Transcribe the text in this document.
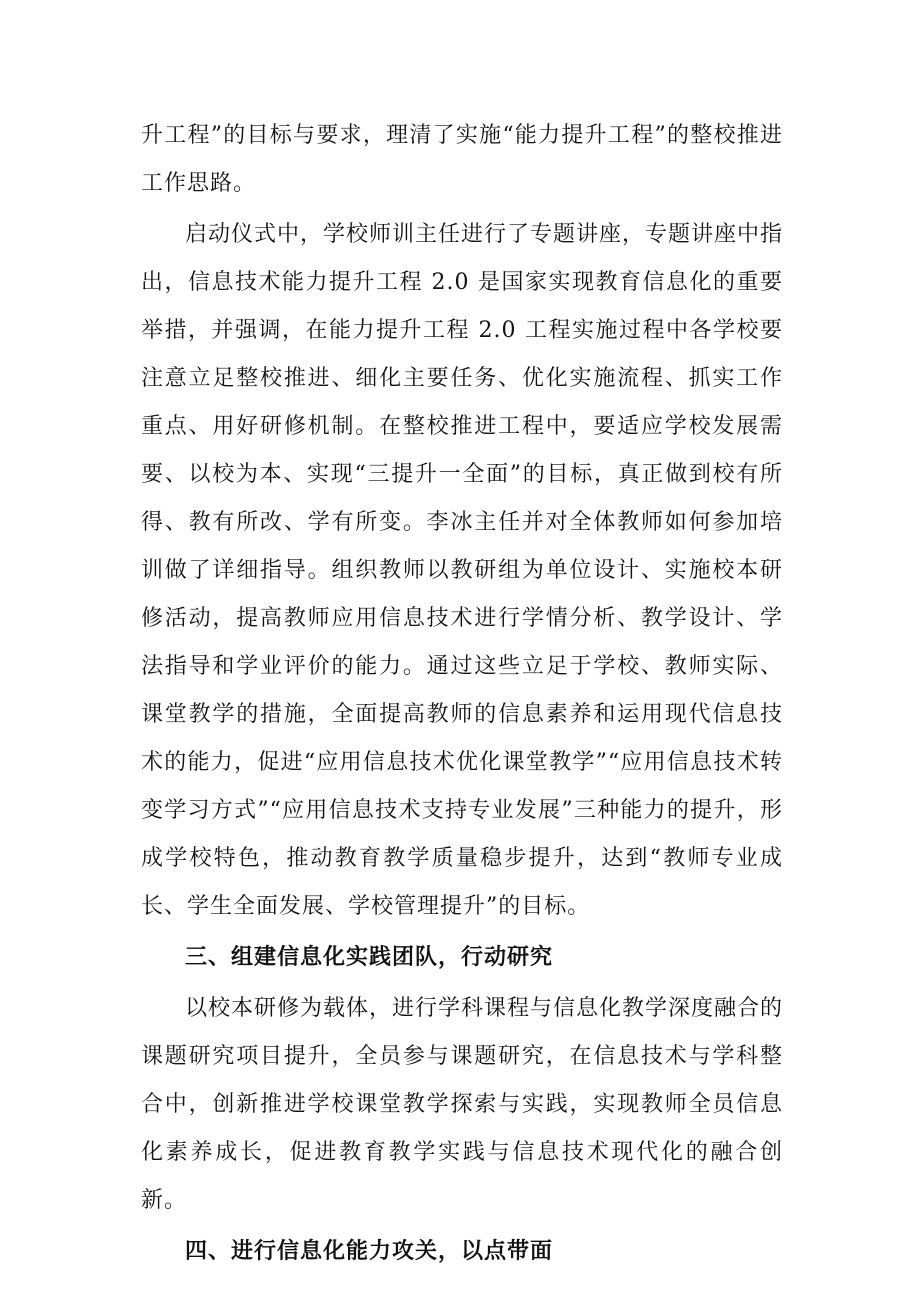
升工程”的目标与要求，理清了实施“能力提升工程”的整校推进工作思路。

启动仪式中，学校师训主任进行了专题讲座，专题讲座中指出，信息技术能力提升工程 2.0 是国家实现教育信息化的重要举措，并强调，在能力提升工程 2.0 工程实施过程中各学校要注意立足整校推进、细化主要任务、优化实施流程、抓实工作重点、用好研修机制。在整校推进工程中，要适应学校发展需要、以校为本、实现“三提升一全面”的目标，真正做到校有所得、教有所改、学有所变。李冰主任并对全体教师如何参加培训做了详细指导。组织教师以教研组为单位设计、实施校本研修活动，提高教师应用信息技术进行学情分析、教学设计、学法指导和学业评价的能力。通过这些立足于学校、教师实际、课堂教学的措施，全面提高教师的信息素养和运用现代信息技术的能力，促进“应用信息技术优化课堂教学”“应用信息技术转变学习方式”“应用信息技术支持专业发展”三种能力的提升，形成学校特色，推动教育教学质量稳步提升，达到“教师专业成长、学生全面发展、学校管理提升”的目标。

三、组建信息化实践团队，行动研究

以校本研修为载体，进行学科课程与信息化教学深度融合的课题研究项目提升，全员参与课题研究，在信息技术与学科整合中，创新推进学校课堂教学探索与实践，实现教师全员信息化素养成长，促进教育教学实践与信息技术现代化的融合创新。

四、进行信息化能力攻关，以点带面
